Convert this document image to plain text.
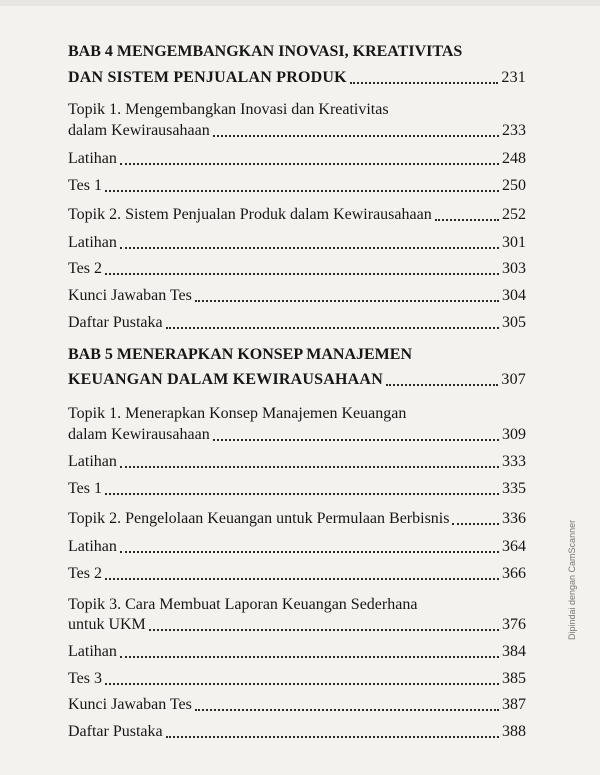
BAB 4 MENGEMBANGKAN INOVASI, KREATIVITAS
DAN SISTEM PENJUALAN PRODUK	231
Topik 1. Mengembangkan Inovasi dan Kreativitas
dalam Kewirausahaan	233
Latihan	248
Tes 1	250
Topik 2. Sistem Penjualan Produk dalam Kewirausahaan	252
Latihan	301
Tes 2	303
Kunci Jawaban Tes	304
Daftar Pustaka	305
BAB 5 MENERAPKAN KONSEP MANAJEMEN
KEUANGAN DALAM KEWIRAUSAHAAN	307
Topik 1. Menerapkan Konsep Manajemen Keuangan
dalam Kewirausahaan	309
Latihan	333
Tes 1	335
Topik 2. Pengelolaan Keuangan untuk Permulaan Berbisnis	336
Latihan	364
Tes 2	366
Topik 3. Cara Membuat Laporan Keuangan Sederhana
untuk UKM	376
Latihan	384
Tes 3	385
Kunci Jawaban Tes	387
Daftar Pustaka	388
Dipindai dengan CamScanner
